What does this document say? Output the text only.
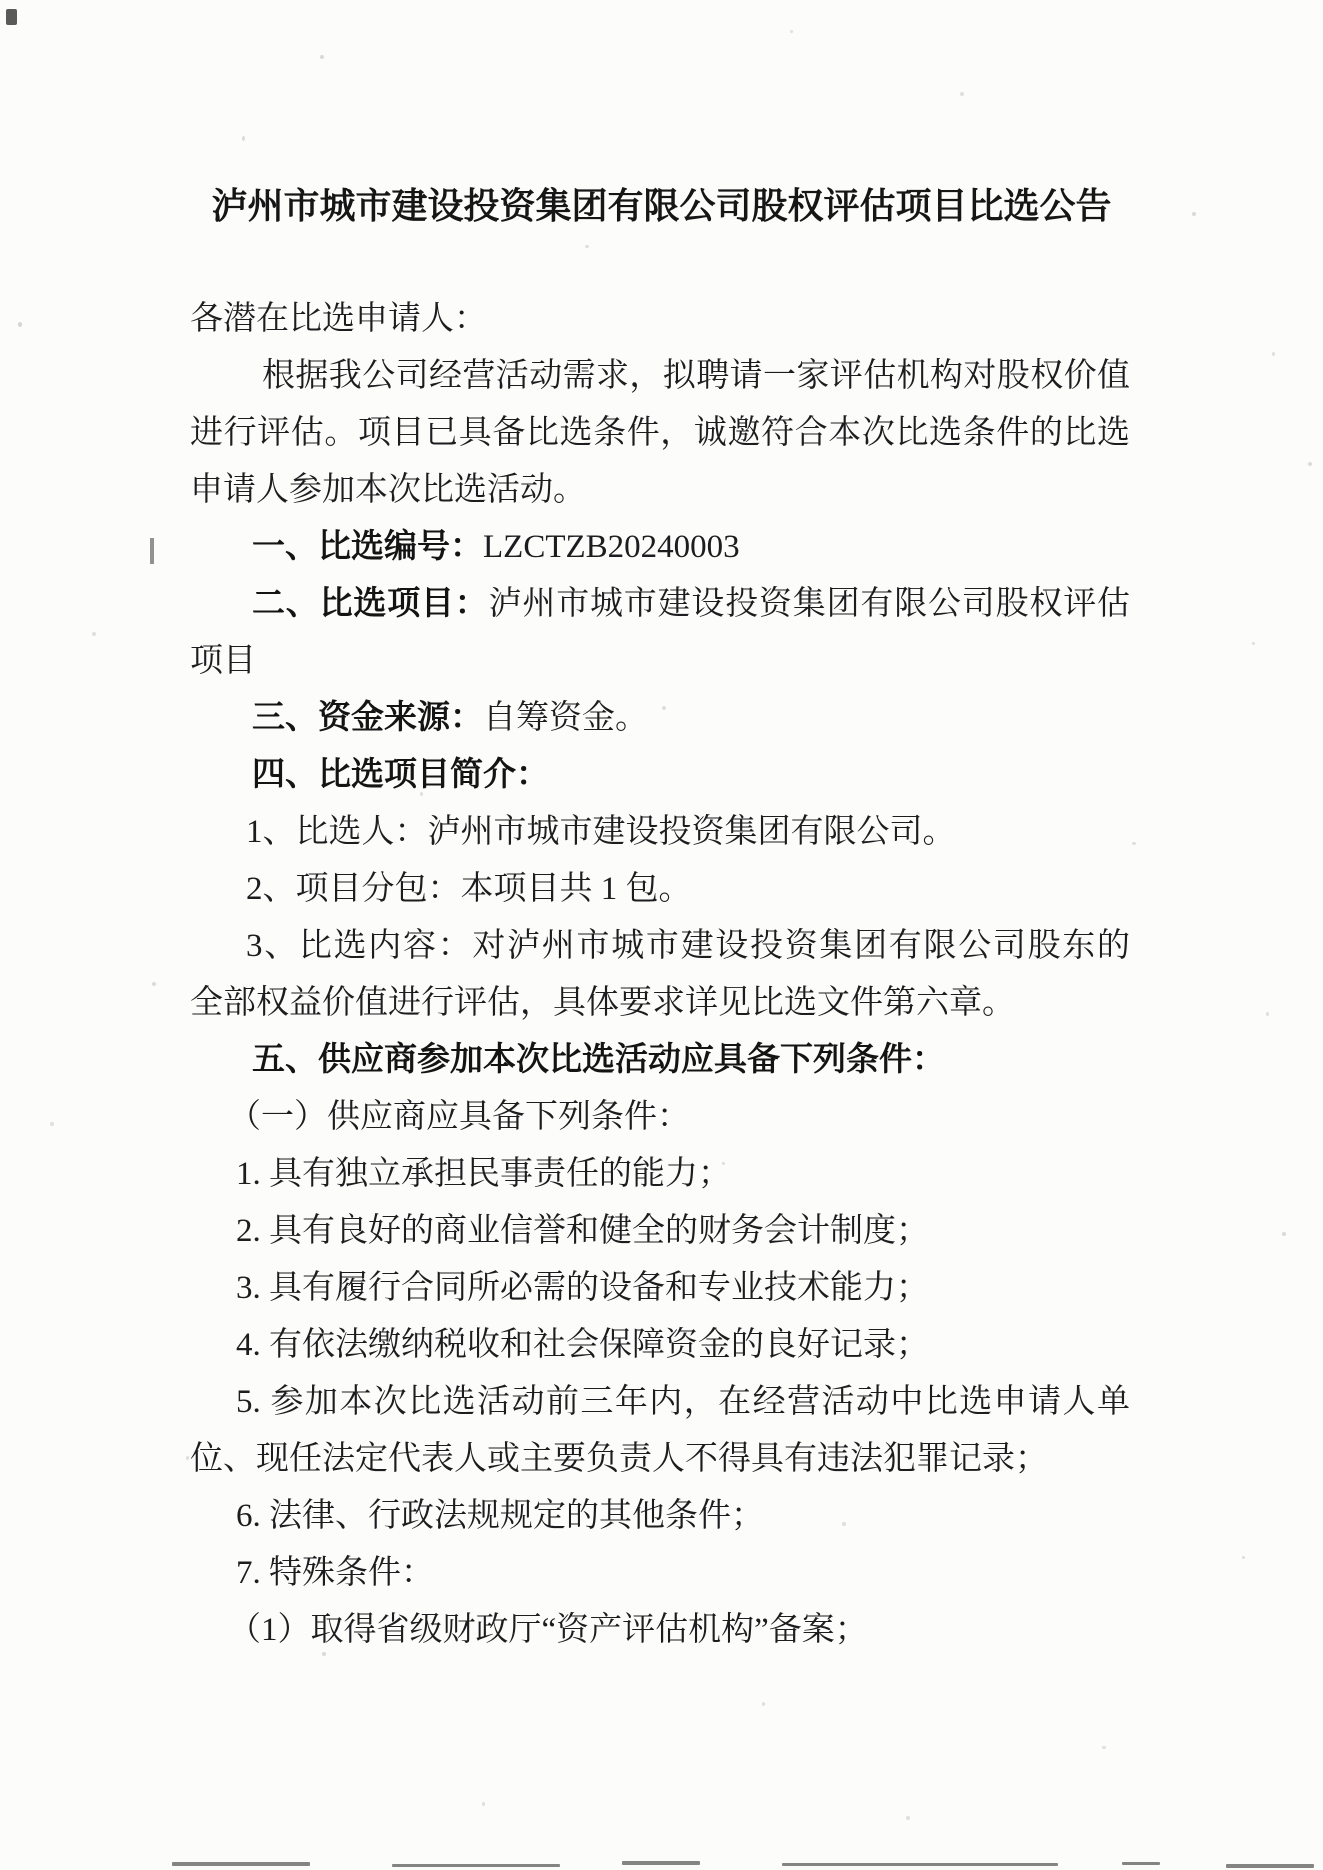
泸州市城市建设投资集团有限公司股权评估项目比选公告
各潜在比选申请人：
根据我公司经营活动需求，拟聘请一家评估机构对股权价值
进行评估。项目已具备比选条件，诚邀符合本次比选条件的比选
申请人参加本次比选活动。
一、比选编号：LZCTZB20240003
二、比选项目：泸州市城市建设投资集团有限公司股权评估
项目
三、资金来源：自筹资金。
四、比选项目简介：
1、比选人：泸州市城市建设投资集团有限公司。
2、项目分包：本项目共 1 包。
3、比选内容：对泸州市城市建设投资集团有限公司股东的
全部权益价值进行评估，具体要求详见比选文件第六章。
五、供应商参加本次比选活动应具备下列条件：
（一）供应商应具备下列条件：
1. 具有独立承担民事责任的能力；
2. 具有良好的商业信誉和健全的财务会计制度；
3. 具有履行合同所必需的设备和专业技术能力；
4. 有依法缴纳税收和社会保障资金的良好记录；
5. 参加本次比选活动前三年内，在经营活动中比选申请人单
位、现任法定代表人或主要负责人不得具有违法犯罪记录；
6. 法律、行政法规规定的其他条件；
7. 特殊条件：
（1）取得省级财政厅“资产评估机构”备案；
